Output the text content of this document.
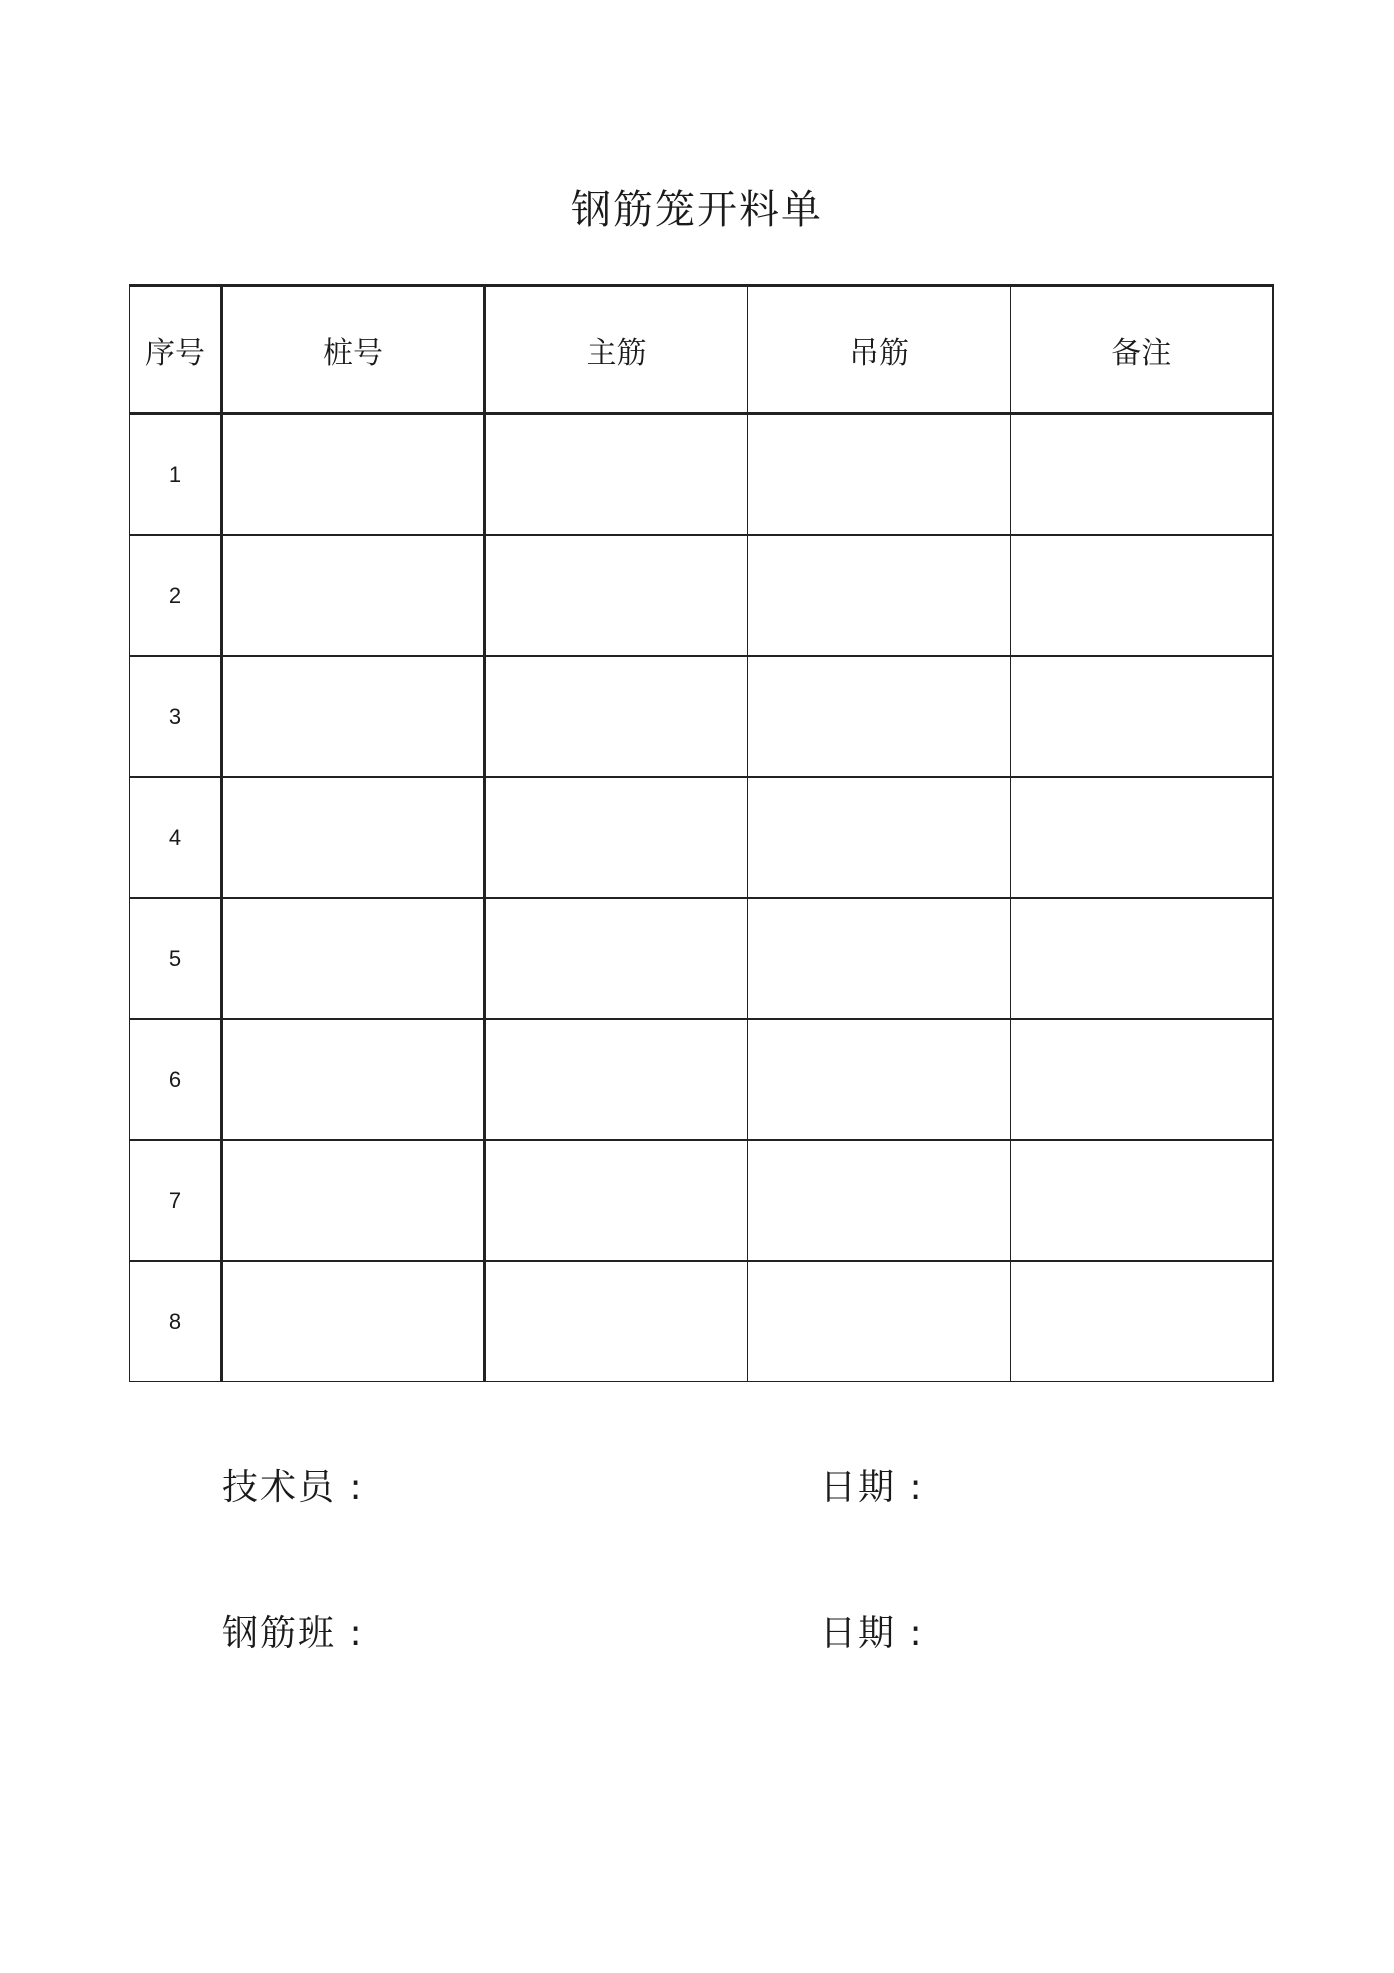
钢筋笼开料单
序号	桩号	主筋	吊筋	备注
1				
2				
3				
4				
5				
6				
7				
8				
技术员 :	日期 :
钢筋班 :	日期 :
